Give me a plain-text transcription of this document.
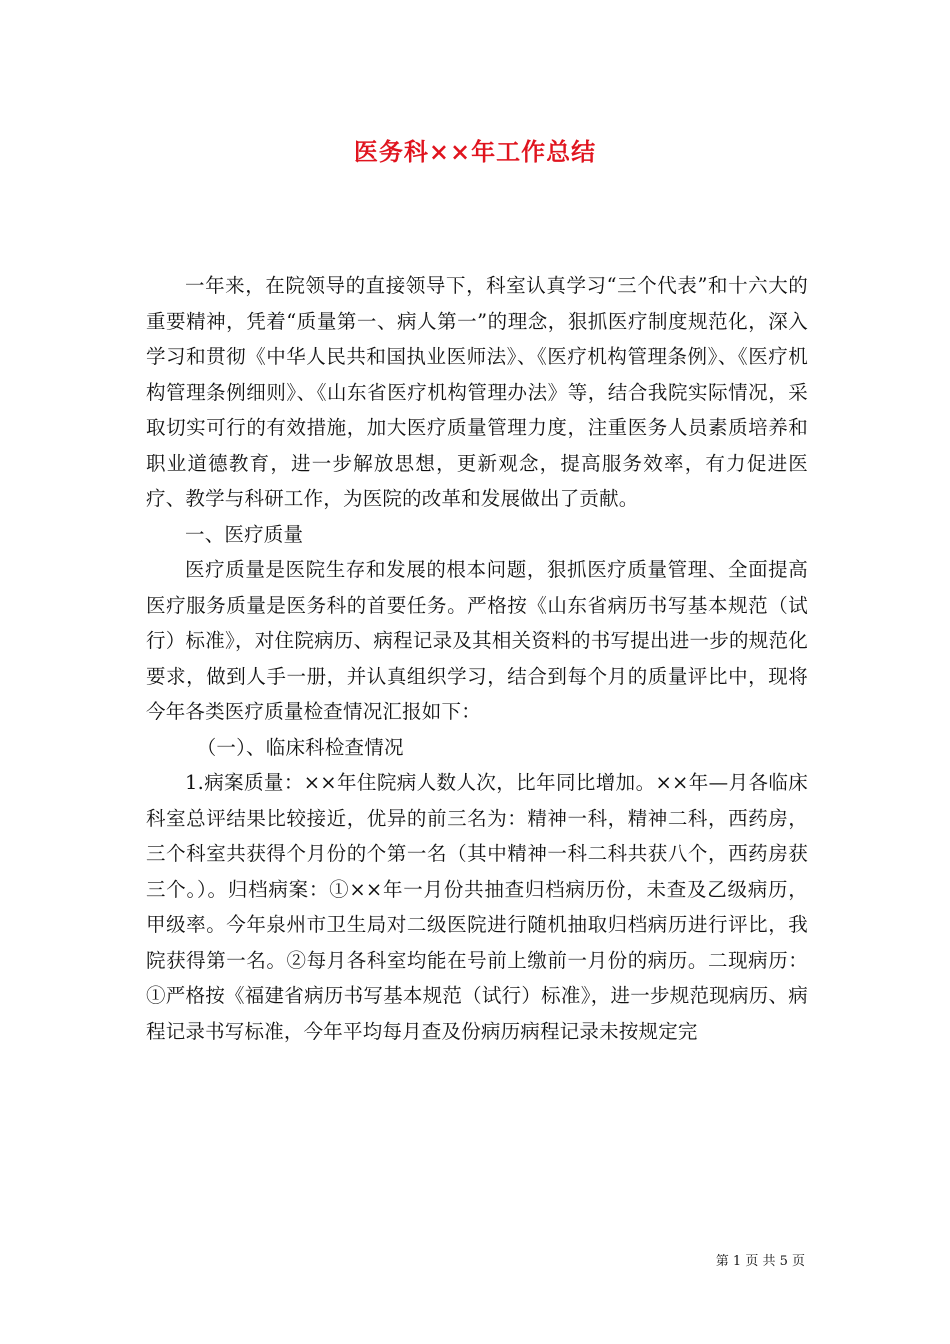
医务科××年工作总结

一年来，在院领导的直接领导下，科室认真学习“三个代表”和十六大的重要精神，凭着“质量第一、病人第一”的理念，狠抓医疗制度规范化，深入学习和贯彻《中华人民共和国执业医师法》、《医疗机构管理条例》、《医疗机构管理条例细则》、《山东省医疗机构管理办法》等，结合我院实际情况，采取切实可行的有效措施，加大医疗质量管理力度，注重医务人员素质培养和职业道德教育，进一步解放思想，更新观念，提高服务效率，有力促进医疗、教学与科研工作，为医院的改革和发展做出了贡献。

一、医疗质量

医疗质量是医院生存和发展的根本问题，狠抓医疗质量管理、全面提高医疗服务质量是医务科的首要任务。严格按《山东省病历书写基本规范（试行）标准》，对住院病历、病程记录及其相关资料的书写提出进一步的规范化要求，做到人手一册，并认真组织学习，结合到每个月的质量评比中，现将今年各类医疗质量检查情况汇报如下：

（一）、临床科检查情况

1.病案质量：××年住院病人数人次，比年同比增加。××年—月各临床科室总评结果比较接近，优异的前三名为：精神一科，精神二科，西药房，三个科室共获得个月份的个第一名（其中精神一科二科共获八个，西药房获三个。）。归档病案：①××年一月份共抽查归档病历份，未查及乙级病历，甲级率。今年泉州市卫生局对二级医院进行随机抽取归档病历进行评比，我院获得第一名。②每月各科室均能在号前上缴前一月份的病历。二现病历：①严格按《福建省病历书写基本规范（试行）标准》，进一步规范现病历、病程记录书写标准，今年平均每月查及份病历病程记录未按规定完

第 1 页 共 5 页
